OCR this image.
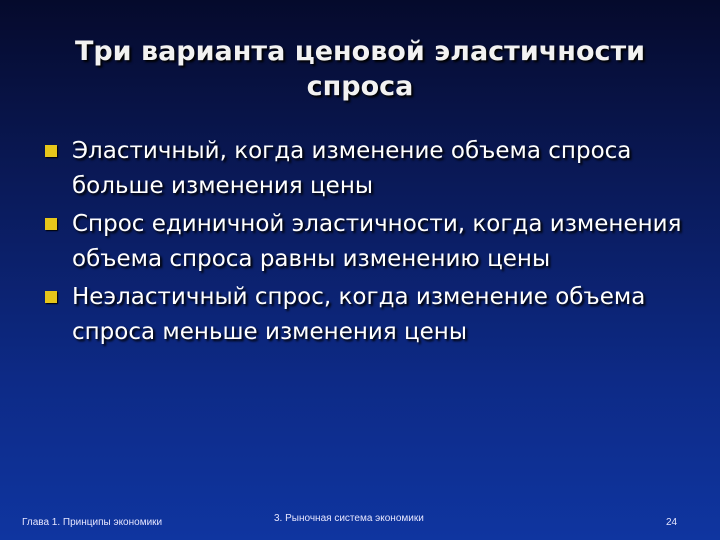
Три варианта ценовой эластичности спроса
Эластичный, когда изменение объема спроса больше изменения цены
Спрос единичной эластичности, когда изменения объема спроса равны изменению цены
Неэластичный спрос, когда изменение объема спроса меньше изменения цены
Глава 1. Принципы экономики	3. Рыночная система экономики	24
